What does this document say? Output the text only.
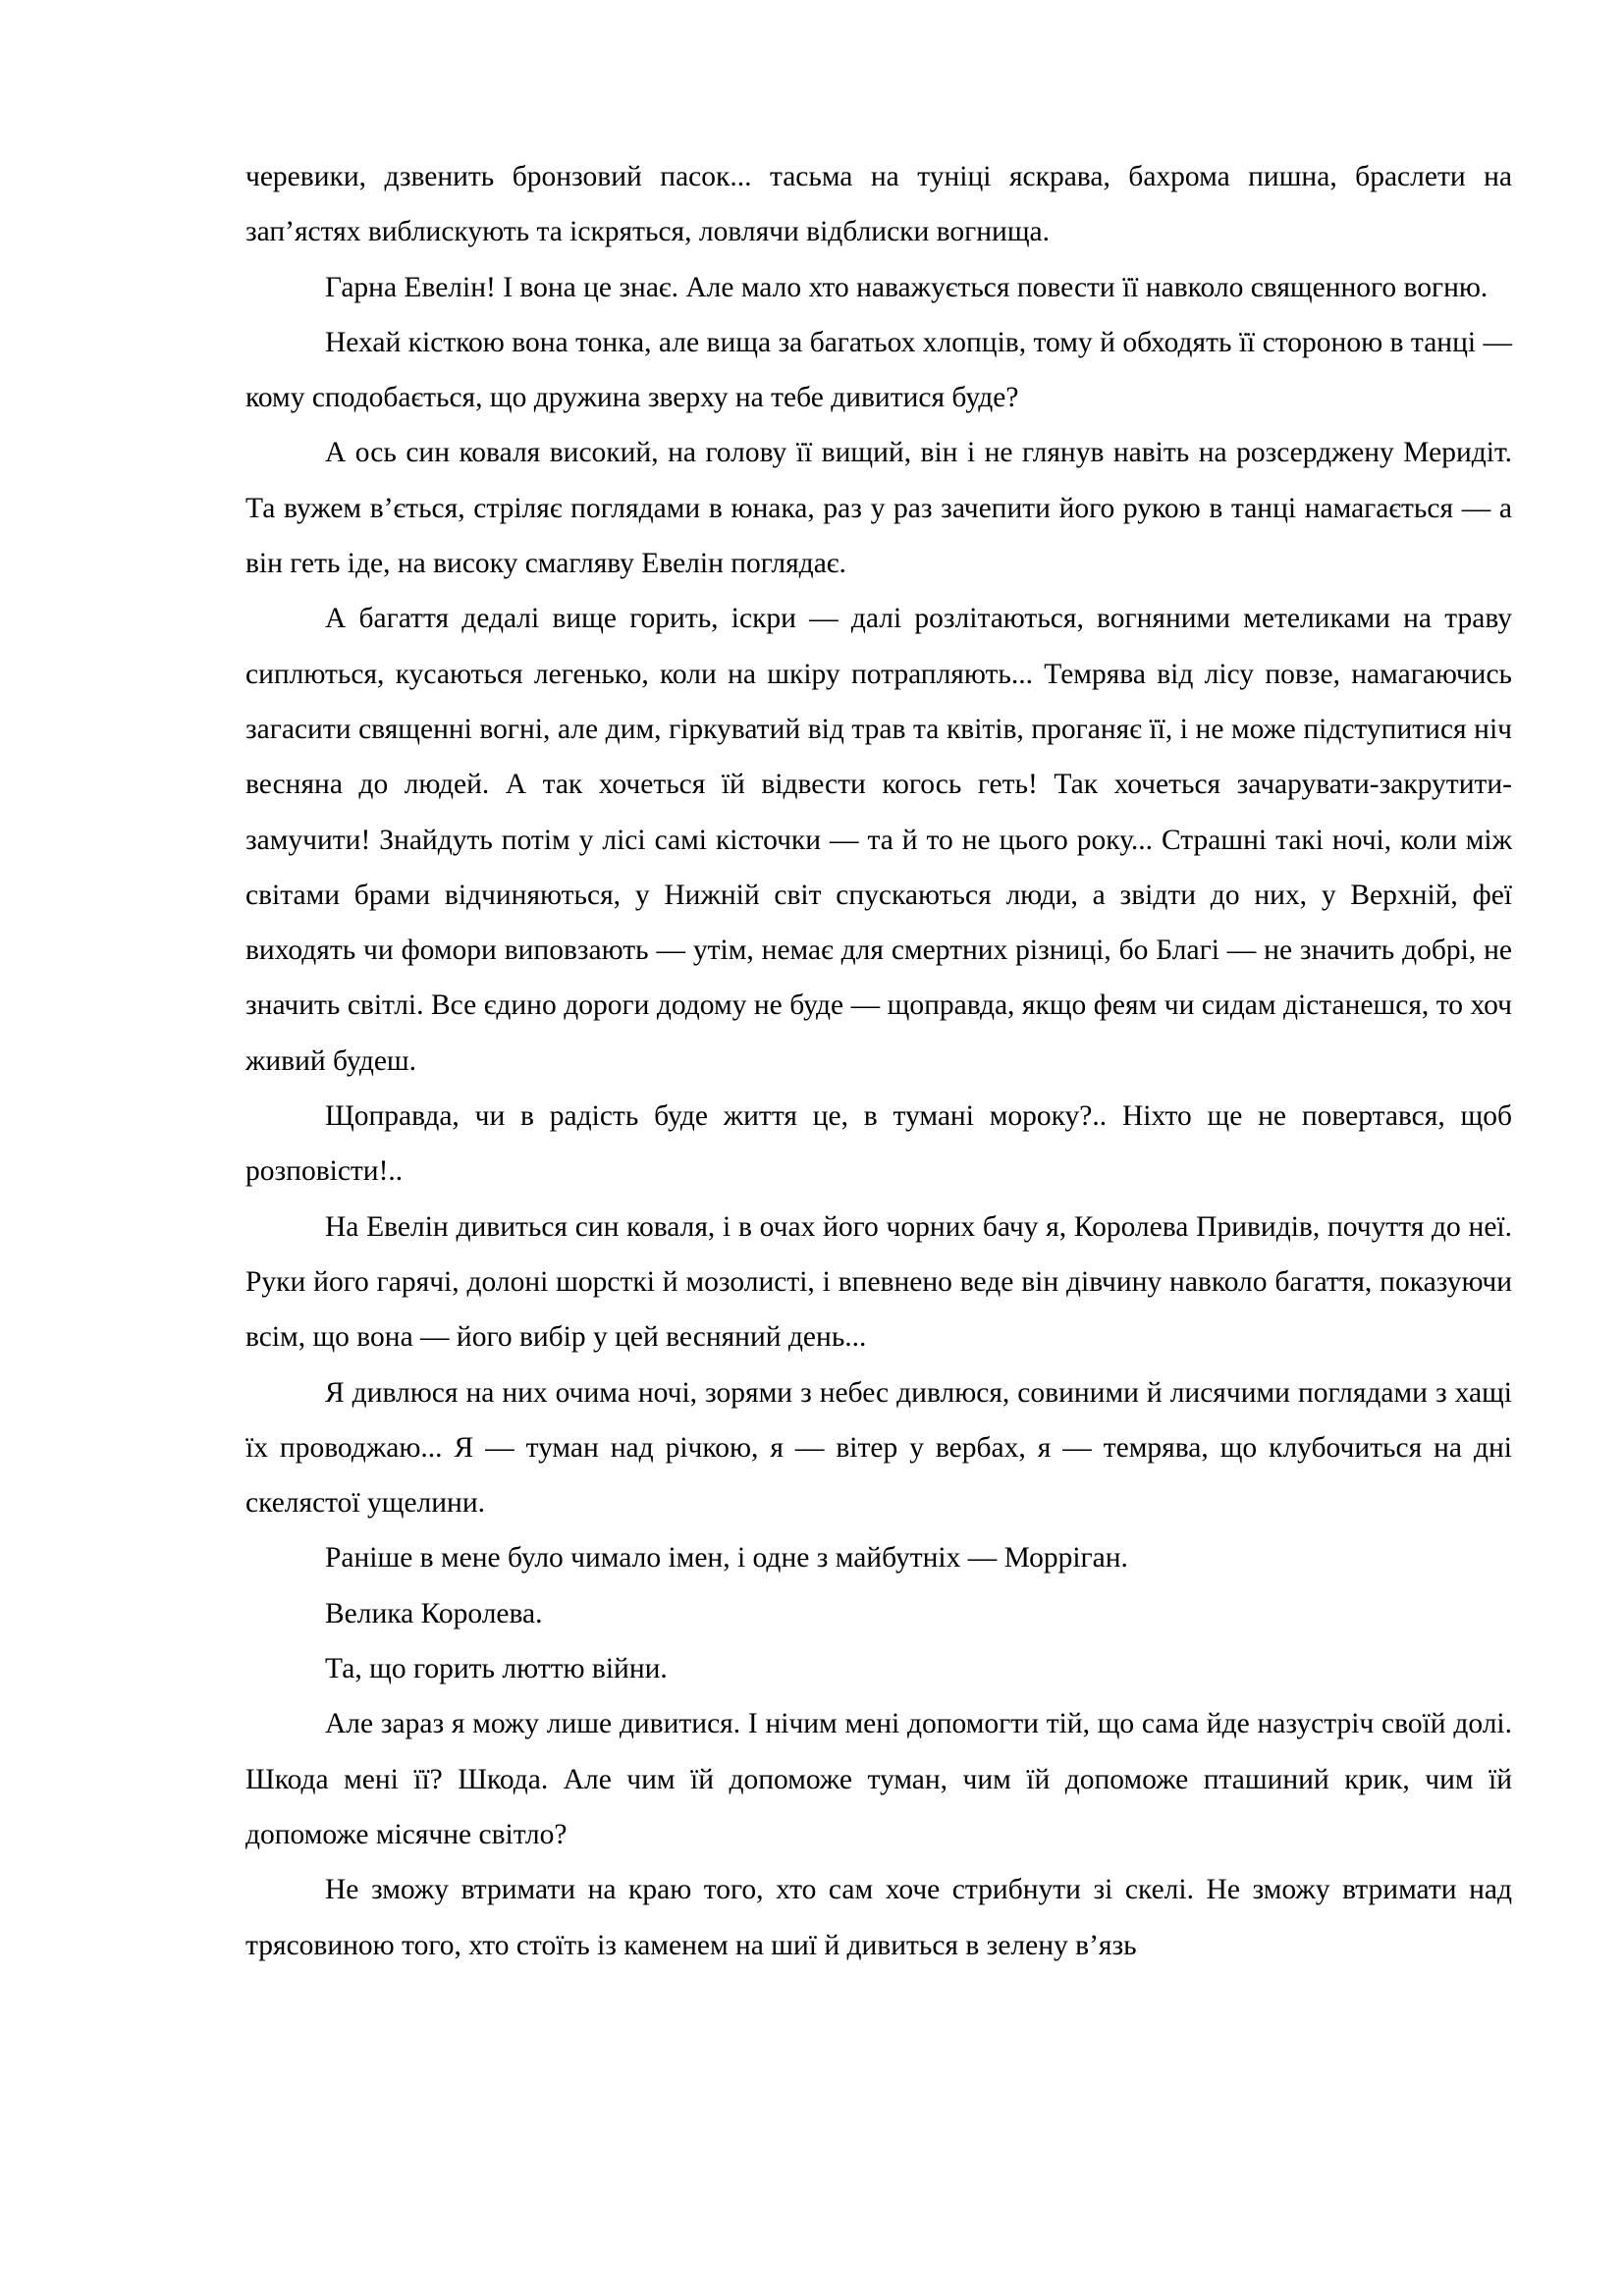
черевики, дзвенить бронзовий пасок... тасьма на туніці яскрава, бахрома пишна, браслети на зап’ястях виблискують та іскряться, ловлячи відблиски вогнища.

Гарна Евелін! І вона це знає. Але мало хто наважується повести її навколо священного вогню.

Нехай кісткою вона тонка, але вища за багатьох хлопців, тому й обходять її стороною в танці — кому сподобається, що дружина зверху на тебе дивитися буде?

А ось син коваля високий, на голову її вищий, він і не глянув навіть на розсерджену Меридіт. Та вужем в’ється, стріляє поглядами в юнака, раз у раз зачепити його рукою в танці намагається — а він геть іде, на високу смагляву Евелін поглядає.

А багаття дедалі вище горить, іскри — далі розлітаються, вогняними метеликами на траву сиплються, кусаються легенько, коли на шкіру потрапляють... Темрява від лісу повзе, намагаючись загасити священні вогні, але дим, гіркуватий від трав та квітів, проганяє її, і не може підступитися ніч весняна до людей. А так хочеться їй відвести когось геть! Так хочеться зачарувати-закрутити-замучити! Знайдуть потім у лісі самі кісточки — та й то не цього року... Страшні такі ночі, коли між світами брами відчиняються, у Нижній світ спускаються люди, а звідти до них, у Верхній, феї виходять чи фомори виповзають — утім, немає для смертних різниці, бо Благі — не значить добрі, не значить світлі. Все єдино дороги додому не буде — щоправда, якщо феям чи сидам дістанешся, то хоч живий будеш.

Щоправда, чи в радість буде життя це, в тумані мороку?.. Ніхто ще не повертався, щоб розповісти!..

На Евелін дивиться син коваля, і в очах його чорних бачу я, Королева Привидів, почуття до неї. Руки його гарячі, долоні шорсткі й мозолисті, і впевнено веде він дівчину навколо багаття, показуючи всім, що вона — його вибір у цей весняний день...

Я дивлюся на них очима ночі, зорями з небес дивлюся, совиними й лисячими поглядами з хащі їх проводжаю... Я — туман над річкою, я — вітер у вербах, я — темрява, що клубочиться на дні скелястої ущелини.

Раніше в мене було чимало імен, і одне з майбутніх — Морріган.

Велика Королева.

Та, що горить люттю війни.

Але зараз я можу лише дивитися. І нічим мені допомогти тій, що сама йде назустріч своїй долі. Шкода мені її? Шкода. Але чим їй допоможе туман, чим їй допоможе пташиний крик, чим їй допоможе місячне світло?

Не зможу втримати на краю того, хто сам хоче стрибнути зі скелі. Не зможу втримати над трясовиною того, хто стоїть із каменем на шиї й дивиться в зелену в’язь
